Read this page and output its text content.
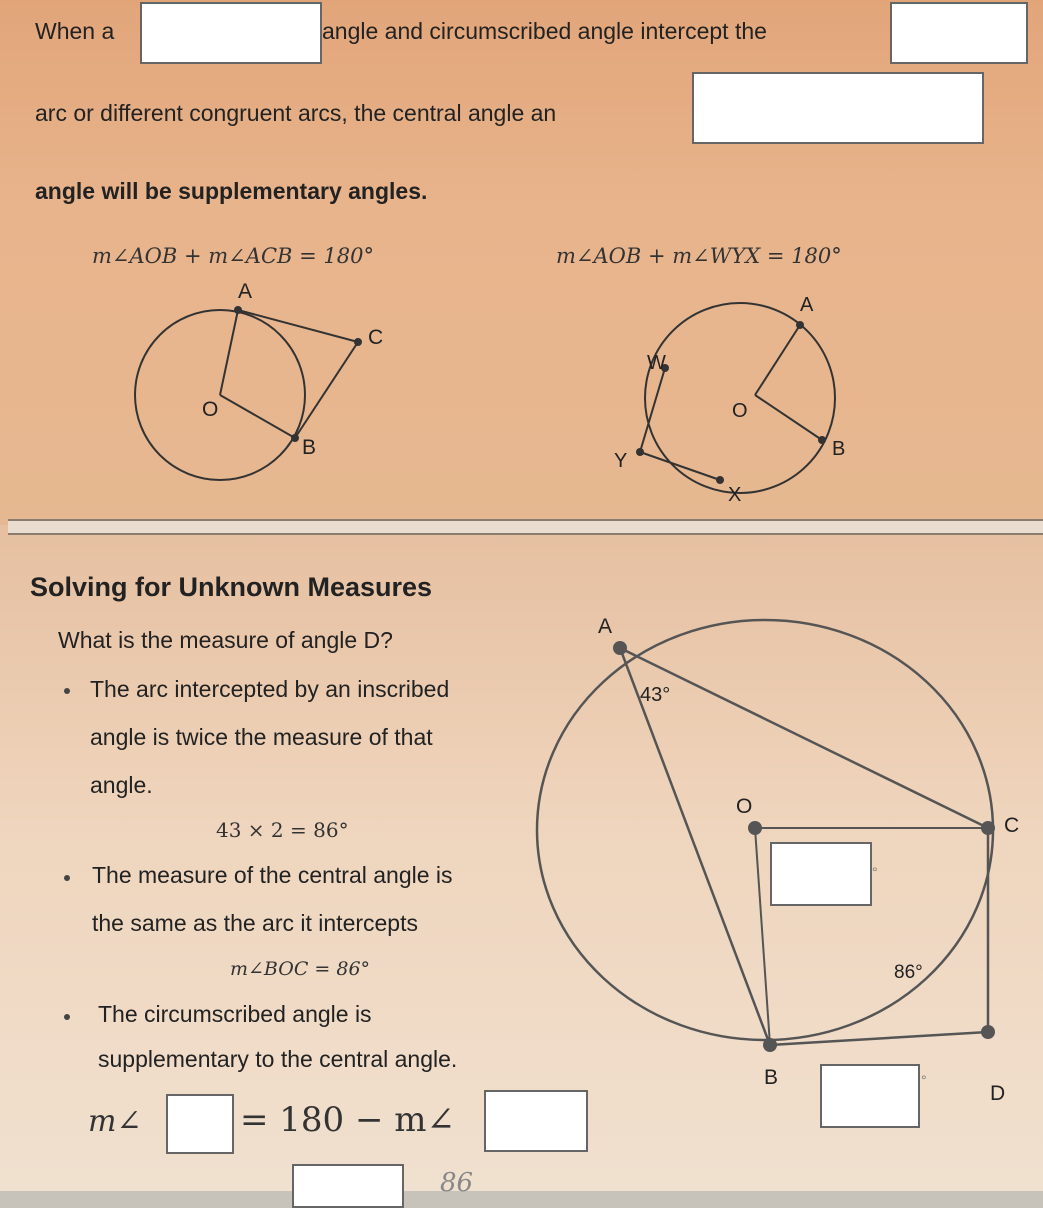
When a	angle and circumscribed angle intercept the
arc or different congruent arcs, the central angle an
angle will be supplementary angles.
m∠AOB + m∠ACB = 180°	m∠AOB + m∠WYX = 180°
A
O
B
C
A
O
B
W
Y
X
Solving for Unknown Measures
What is the measure of angle D?
The arc intercepted by an inscribed
angle is twice the measure of that
angle.
43 × 2 = 86°
The measure of the central angle is
the same as the arc it intercepts
m∠BOC = 86°
The circumscribed angle is
supplementary to the central angle.
m∠	= 180 − m∠
86
A
43°
O
C
B
D
86°
°
°
